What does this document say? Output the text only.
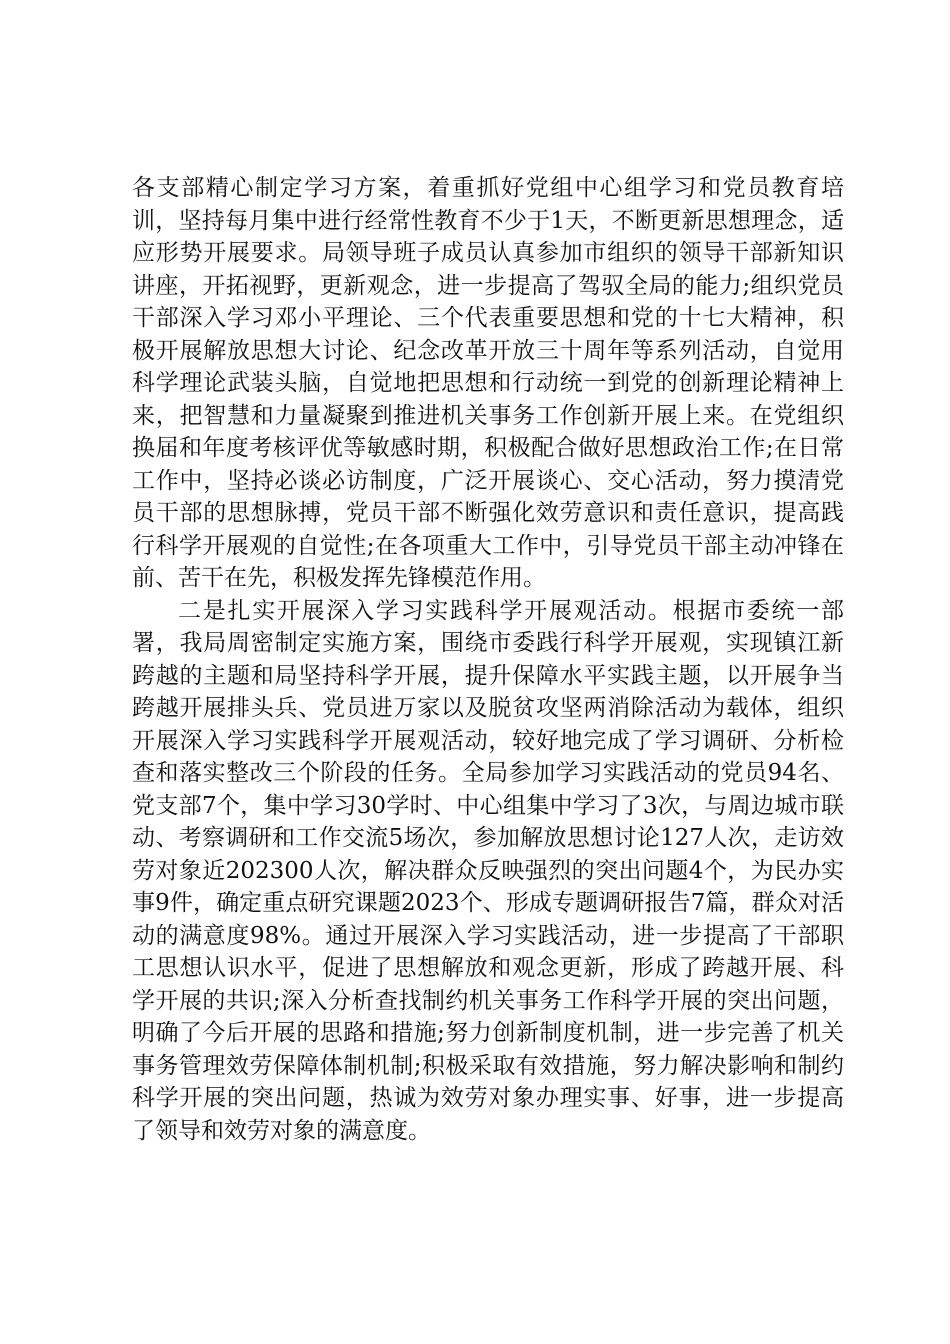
各支部精心制定学习方案，着重抓好党组中心组学习和党员教育培训，坚持每月集中进行经常性教育不少于1天，不断更新思想理念，适应形势开展要求。局领导班子成员认真参加市组织的领导干部新知识讲座，开拓视野，更新观念，进一步提高了驾驭全局的能力;组织党员干部深入学习邓小平理论、三个代表重要思想和党的十七大精神，积极开展解放思想大讨论、纪念改革开放三十周年等系列活动，自觉用科学理论武装头脑，自觉地把思想和行动统一到党的创新理论精神上来，把智慧和力量凝聚到推进机关事务工作创新开展上来。在党组织换届和年度考核评优等敏感时期，积极配合做好思想政治工作;在日常工作中，坚持必谈必访制度，广泛开展谈心、交心活动，努力摸清党员干部的思想脉搏，党员干部不断强化效劳意识和责任意识，提高践行科学开展观的自觉性;在各项重大工作中，引导党员干部主动冲锋在前、苦干在先，积极发挥先锋模范作用。

二是扎实开展深入学习实践科学开展观活动。根据市委统一部署，我局周密制定实施方案，围绕市委践行科学开展观，实现镇江新跨越的主题和局坚持科学开展，提升保障水平实践主题，以开展争当跨越开展排头兵、党员进万家以及脱贫攻坚两消除活动为载体，组织开展深入学习实践科学开展观活动，较好地完成了学习调研、分析检查和落实整改三个阶段的任务。全局参加学习实践活动的党员94名、党支部7个，集中学习30学时、中心组集中学习了3次，与周边城市联动、考察调研和工作交流5场次，参加解放思想讨论127人次，走访效劳对象近202300人次，解决群众反映强烈的突出问题4个，为民办实事9件，确定重点研究课题2023个、形成专题调研报告7篇，群众对活动的满意度98%。通过开展深入学习实践活动，进一步提高了干部职工思想认识水平，促进了思想解放和观念更新，形成了跨越开展、科学开展的共识;深入分析查找制约机关事务工作科学开展的突出问题，明确了今后开展的思路和措施;努力创新制度机制，进一步完善了机关事务管理效劳保障体制机制;积极采取有效措施，努力解决影响和制约科学开展的突出问题，热诚为效劳对象办理实事、好事，进一步提高了领导和效劳对象的满意度。
